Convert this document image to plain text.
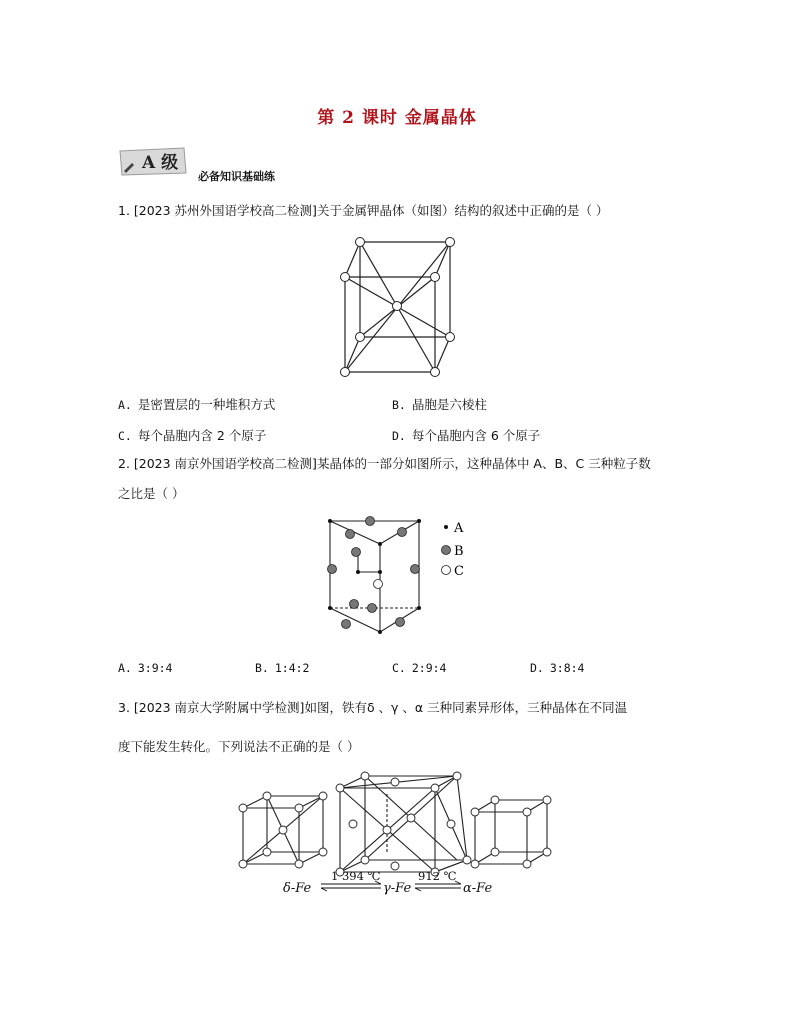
第 2 课时 金属晶体
A 级
必备知识基础练
1. [2023 苏州外国语学校高二检测]关于金属钾晶体（如图）结构的叙述中正确的是（ ）
A. 是密置层的一种堆积方式	B. 晶胞是六棱柱
C. 每个晶胞内含 2 个原子	D. 每个晶胞内含 6 个原子
2. [2023 南京外国语学校高二检测]某晶体的一部分如图所示，这种晶体中 A、B、C 三种粒子数
之比是（ ）
A
B
C
A. 3:9:4	B. 1:4:2	C. 2:9:4	D. 3:8:4
3. [2023 南京大学附属中学检测]如图，铁有δ 、γ 、α 三种同素异形体，三种晶体在不同温
度下能发生转化。下列说法不正确的是（ ）
δ-Fe
1 394 ℃
γ-Fe
912 ℃
α-Fe
